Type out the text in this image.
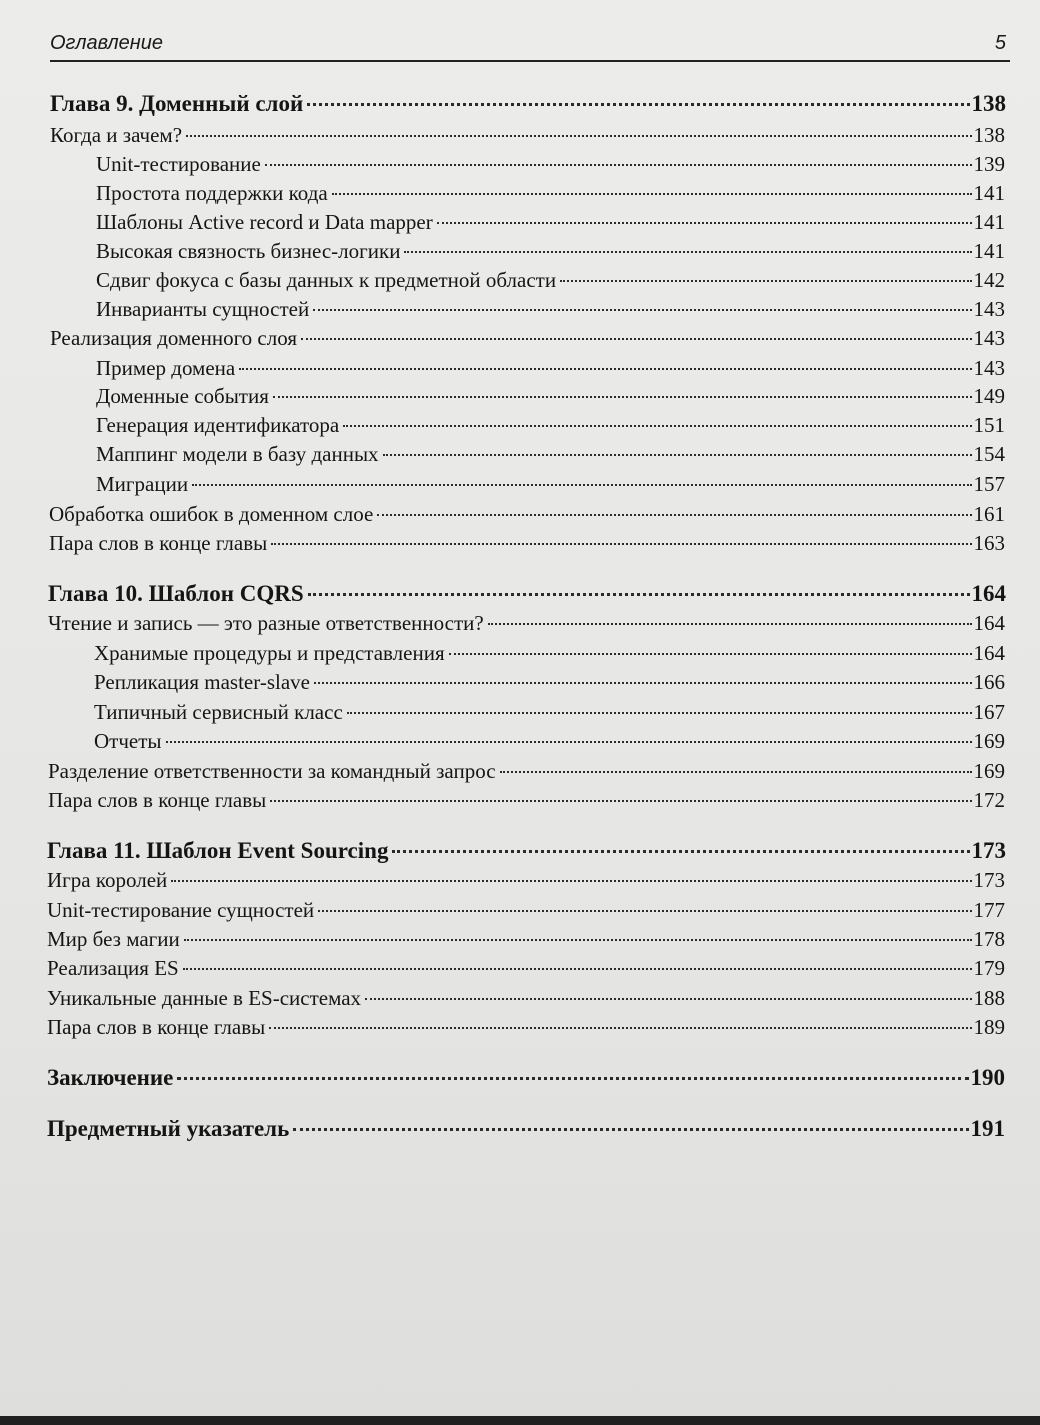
Оглавление	5
Глава 9. Доменный слой	138
Когда и зачем?	138
Unit-тестирование	139
Простота поддержки кода	141
Шаблоны Active record и Data mapper	141
Высокая связность бизнес-логики	141
Сдвиг фокуса с базы данных к предметной области	142
Инварианты сущностей	143
Реализация доменного слоя	143
Пример домена	143
Доменные события	149
Генерация идентификатора	151
Маппинг модели в базу данных	154
Миграции	157
Обработка ошибок в доменном слое	161
Пара слов в конце главы	163
Глава 10. Шаблон CQRS	164
Чтение и запись — это разные ответственности?	164
Хранимые процедуры и представления	164
Репликация master-slave	166
Типичный сервисный класс	167
Отчеты	169
Разделение ответственности за командный запрос	169
Пара слов в конце главы	172
Глава 11. Шаблон Event Sourcing	173
Игра королей	173
Unit-тестирование сущностей	177
Мир без магии	178
Реализация ES	179
Уникальные данные в ES-системах	188
Пара слов в конце главы	189
Заключение	190
Предметный указатель	191
